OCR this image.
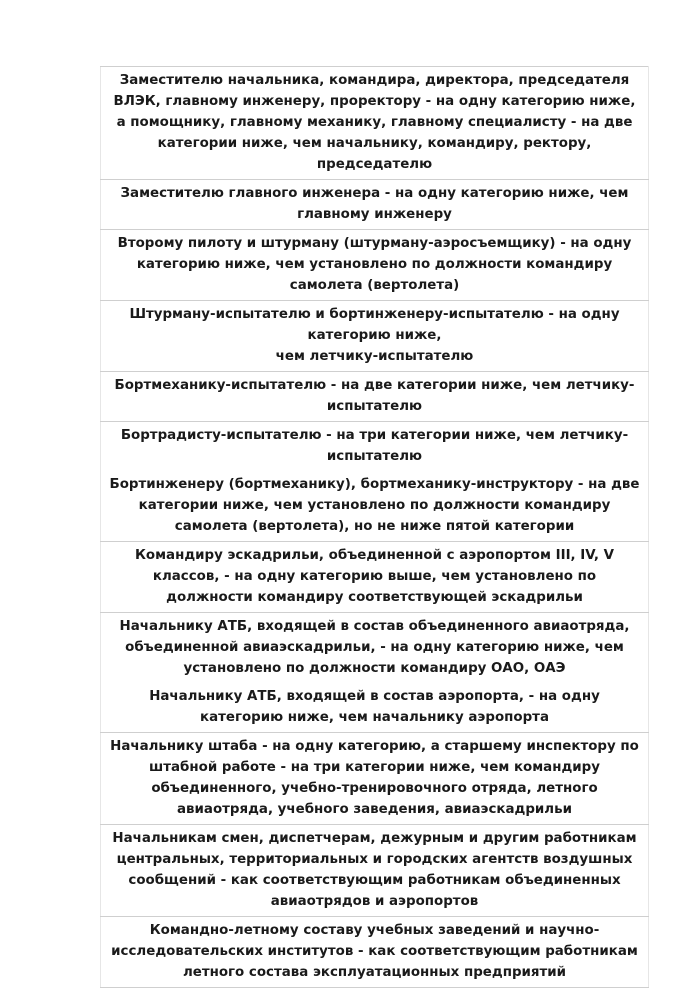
Заместителю начальника, командира, директора, председателя
ВЛЭК, главному инженеру, проректору - на одну категорию ниже,
а помощнику, главному механику, главному специалисту - на две
категории ниже, чем начальнику, командиру, ректору,
председателю

Заместителю главного инженера - на одну категорию ниже, чем
главному инженеру

Второму пилоту и штурману (штурману-аэросъемщику) - на одну
категорию ниже, чем установлено по должности командиру
самолета (вертолета)

Штурману-испытателю и бортинженеру-испытателю - на одну
категорию ниже,
чем летчику-испытателю

Бортмеханику-испытателю - на две категории ниже, чем летчику-
испытателю

Бортрадисту-испытателю - на три категории ниже, чем летчику-
испытателю
Бортинженеру (бортмеханику), бортмеханику-инструктору - на две
категории ниже, чем установлено по должности командиру
самолета (вертолета), но не ниже пятой категории

Командиру эскадрильи, объединенной с аэропортом III, IV, V
классов, - на одну категорию выше, чем установлено по
должности командиру соответствующей эскадрильи

Начальнику АТБ, входящей в состав объединенного авиаотряда,
объединенной авиаэскадрильи, - на одну категорию ниже, чем
установлено по должности командиру ОАО, ОАЭ
Начальнику АТБ, входящей в состав аэропорта, - на одну
категорию ниже, чем начальнику аэропорта

Начальнику штаба - на одну категорию, а старшему инспектору по
штабной работе - на три категории ниже, чем командиру
объединенного, учебно-тренировочного отряда, летного
авиаотряда, учебного заведения, авиаэскадрильи

Начальникам смен, диспетчерам, дежурным и другим работникам
центральных, территориальных и городских агентств воздушных
сообщений - как соответствующим работникам объединенных
авиаотрядов и аэропортов

Командно-летному составу учебных заведений и научно-
исследовательских институтов - как соответствующим работникам
летного состава эксплуатационных предприятий
